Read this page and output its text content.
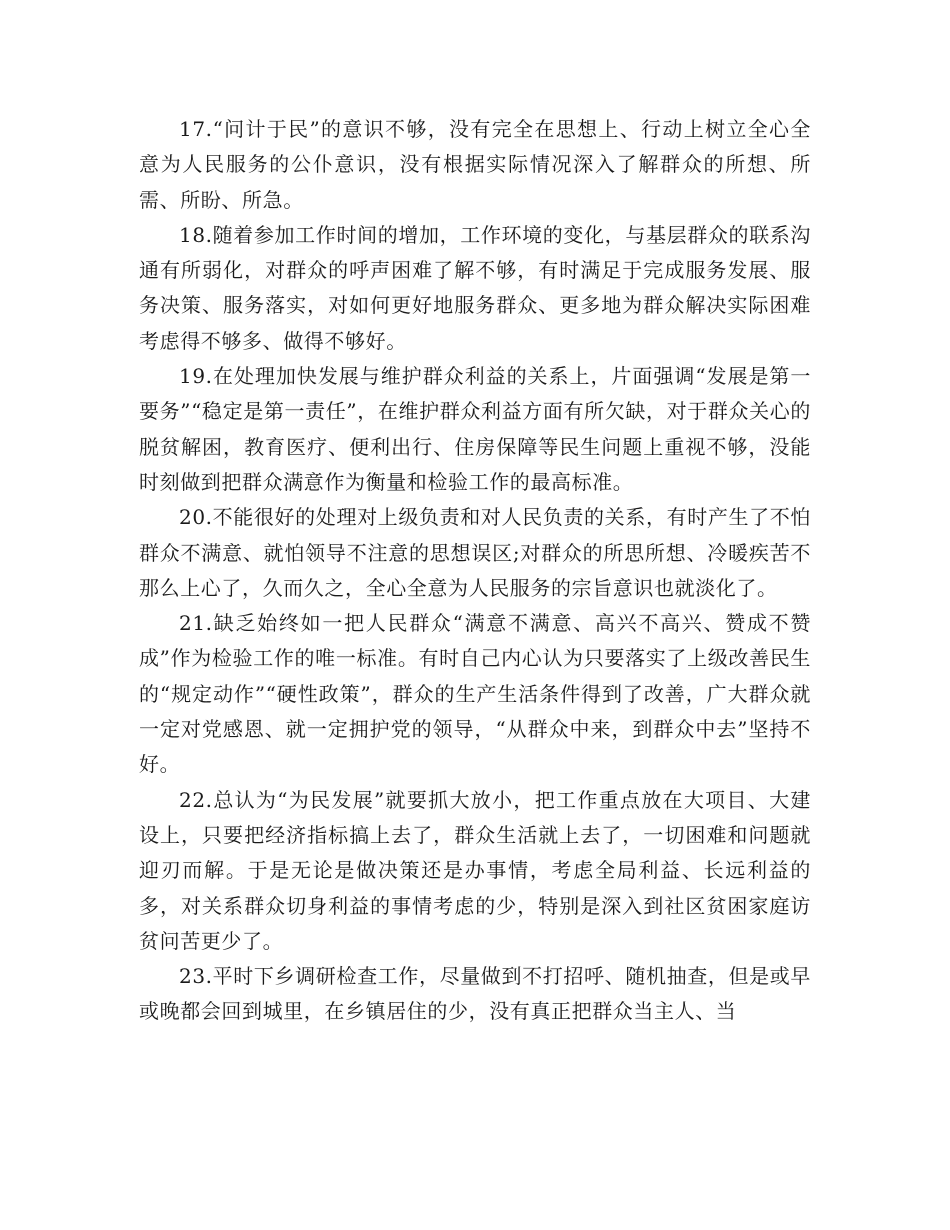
17.“问计于民”的意识不够，没有完全在思想上、行动上树立全心全意为人民服务的公仆意识，没有根据实际情况深入了解群众的所想、所需、所盼、所急。

18.随着参加工作时间的增加，工作环境的变化，与基层群众的联系沟通有所弱化，对群众的呼声困难了解不够，有时满足于完成服务发展、服务决策、服务落实，对如何更好地服务群众、更多地为群众解决实际困难考虑得不够多、做得不够好。

19.在处理加快发展与维护群众利益的关系上，片面强调“发展是第一要务”“稳定是第一责任”，在维护群众利益方面有所欠缺，对于群众关心的脱贫解困，教育医疗、便利出行、住房保障等民生问题上重视不够，没能时刻做到把群众满意作为衡量和检验工作的最高标准。

20.不能很好的处理对上级负责和对人民负责的关系，有时产生了不怕群众不满意、就怕领导不注意的思想误区;对群众的所思所想、冷暖疾苦不那么上心了，久而久之，全心全意为人民服务的宗旨意识也就淡化了。

21.缺乏始终如一把人民群众“满意不满意、高兴不高兴、赞成不赞成”作为检验工作的唯一标准。有时自己内心认为只要落实了上级改善民生的“规定动作”“硬性政策”，群众的生产生活条件得到了改善，广大群众就一定对党感恩、就一定拥护党的领导，“从群众中来，到群众中去”坚持不好。

22.总认为“为民发展”就要抓大放小，把工作重点放在大项目、大建设上，只要把经济指标搞上去了，群众生活就上去了，一切困难和问题就迎刃而解。于是无论是做决策还是办事情，考虑全局利益、长远利益的多，对关系群众切身利益的事情考虑的少，特别是深入到社区贫困家庭访贫问苦更少了。

23.平时下乡调研检查工作，尽量做到不打招呼、随机抽查，但是或早或晚都会回到城里，在乡镇居住的少，没有真正把群众当主人、当
